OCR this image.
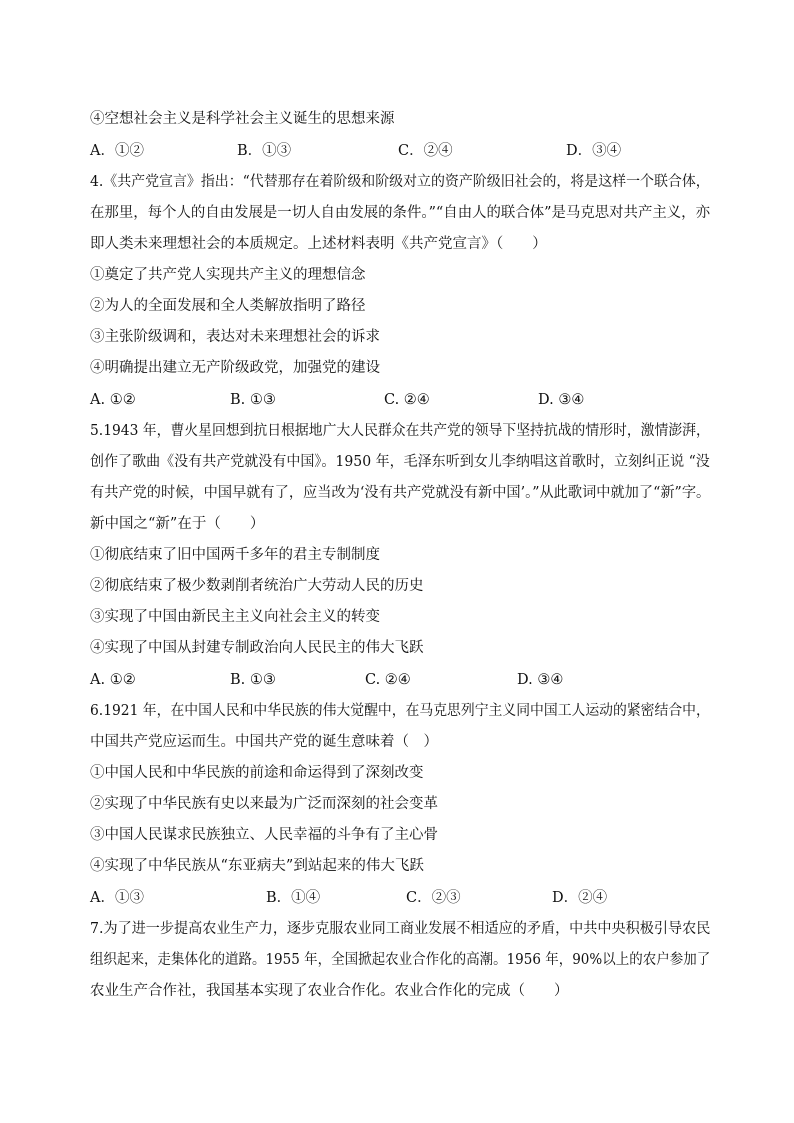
④空想社会主义是科学社会主义诞生的思想来源
A．①②	B．①③	C．②④	D．③④
4.《共产党宣言》指出：“代替那存在着阶级和阶级对立的资产阶级旧社会的，将是这样一个联合体，
在那里，每个人的自由发展是一切人自由发展的条件。”“自由人的联合体”是马克思对共产主义，亦
即人类未来理想社会的本质规定。上述材料表明《共产党宣言》（　　）
①奠定了共产党人实现共产主义的理想信念
②为人的全面发展和全人类解放指明了路径
③主张阶级调和，表达对未来理想社会的诉求
④明确提出建立无产阶级政党，加强党的建设
A. ①②	B. ①③	C. ②④	D. ③④
5.1943 年，曹火星回想到抗日根据地广大人民群众在共产党的领导下坚持抗战的情形时，激情澎湃，
创作了歌曲《没有共产党就没有中国》。1950 年，毛泽东听到女儿李纳唱这首歌时，立刻纠正说 “没
有共产党的时候，中国早就有了，应当改为‘没有共产党就没有新中国’。”从此歌词中就加了“新”字。
新中国之“新”在于（　　）
①彻底结束了旧中国两千多年的君主专制制度
②彻底结束了极少数剥削者统治广大劳动人民的历史
③实现了中国由新民主主义向社会主义的转变
④实现了中国从封建专制政治向人民民主的伟大飞跃
A. ①②	B. ①③	C. ②④	D. ③④
6.1921 年，在中国人民和中华民族的伟大觉醒中，在马克思列宁主义同中国工人运动的紧密结合中，
中国共产党应运而生。中国共产党的诞生意味着（　）
①中国人民和中华民族的前途和命运得到了深刻改变
②实现了中华民族有史以来最为广泛而深刻的社会变革
③中国人民谋求民族独立、人民幸福的斗争有了主心骨
④实现了中华民族从“东亚病夫”到站起来的伟大飞跃
A．①③	B．①④	C．②③	D．②④
7.为了进一步提高农业生产力，逐步克服农业同工商业发展不相适应的矛盾，中共中央积极引导农民
组织起来，走集体化的道路。1955 年，全国掀起农业合作化的高潮。1956 年，90%以上的农户参加了
农业生产合作社，我国基本实现了农业合作化。农业合作化的完成（　　）
